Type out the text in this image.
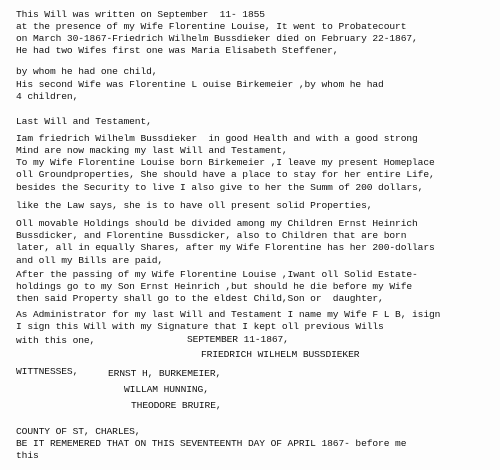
This Will was written on September  11- 1855
at the presence of my Wife Florentine Louise, It went to Probatecourt
on March 30-1867-Friedrich Wilhelm Bussdieker died on February 22-1867,
He had two Wifes first one was Maria Elisabeth Steffener,
by whom he had one child,
His second Wife was Florentine L ouise Birkemeier ,by whom he had
4 children,
Last Will and Testament,
Iam friedrich Wilhelm Bussdieker  in good Health and with a good strong
Mind are now macking my last Will and Testament,
To my Wife Florentine Louise born Birkemeier ,I leave my present Homeplace
oll Groundproperties, She should have a place to stay for her entire Life,
besides the Security to live I also give to her the Summ of 200 dollars,
like the Law says, she is to have oll present solid Properties,
Oll movable Holdings should be divided among my Children Ernst Heinrich
Bussdicker, and Florentine Bussdicker, also to Children that are born
later, all in equally Shares, after my Wife Florentine has her 200-dollars
and oll my Bills are paid,
After the passing of my Wife Florentine Louise ,Iwant oll Solid Estate-
holdings go to my Son Ernst Heinrich ,but should he die before my Wife
then said Property shall go to the eldest Child,Son or  daughter,
As Administrator for my last Will and Testament I name my Wife F L B, isign
I sign this Will with my Signature that I kept oll previous Wills
with this one,	SEPTEMBER 11-1867,
FRIEDRICH WILHELM BUSSDIEKER
WITTNESSES,	ERNST H, BURKEMEIER,
WILLAM HUNNING,
THEODORE BRUIRE,
COUNTY OF ST, CHARLES,
BE IT REMEMERED THAT ON THIS SEVENTEENTH DAY OF APRIL 1867- before me
this
